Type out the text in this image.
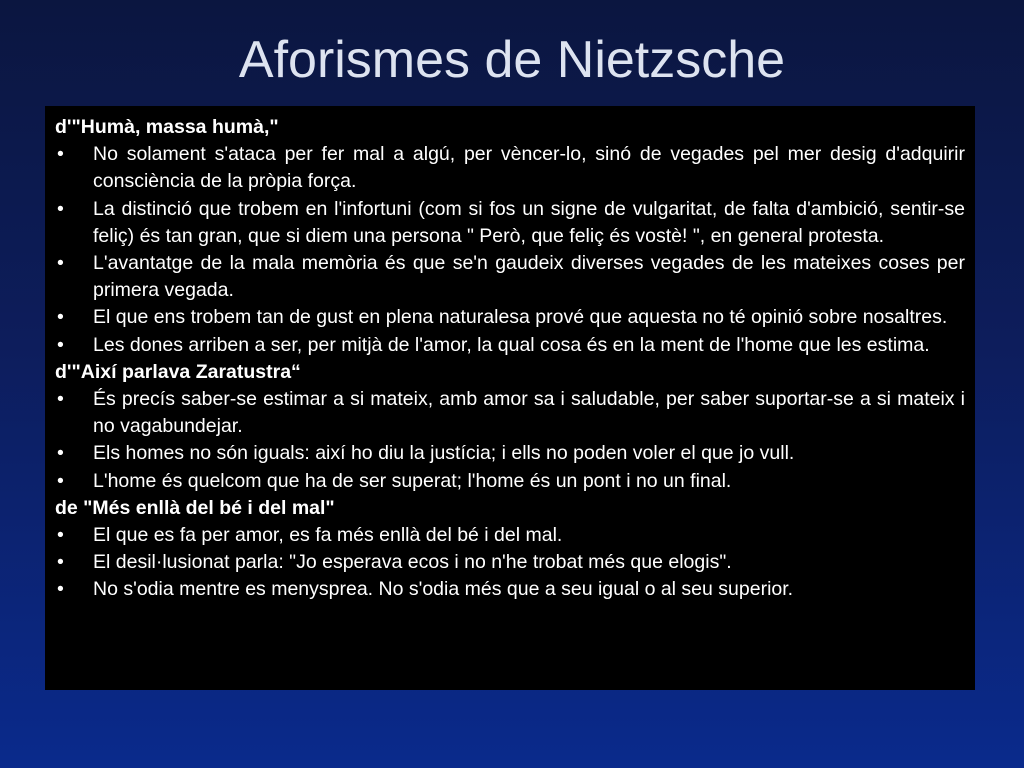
Aforismes de Nietzsche
d'"Humà, massa humà,"
• No solament s'ataca per fer mal a algú, per vèncer-lo, sinó de vegades pel mer desig d'adquirir consciència de la pròpia força.
• La distinció que trobem en l'infortuni (com si fos un signe de vulgaritat, de falta d'ambició, sentir-se feliç) és tan gran, que si diem una persona " Però, que feliç és vostè! ", en general protesta.
• L'avantatge de la mala memòria és que se'n gaudeix diverses vegades de les mateixes coses per primera vegada.
• El que ens trobem tan de gust en plena naturalesa prové que aquesta no té opinió sobre nosaltres.
• Les dones arriben a ser, per mitjà de l'amor, la qual cosa és en la ment de l'home que les estima.
d'"Així parlava Zaratustra“
• És precís saber-se estimar a si mateix, amb amor sa i saludable, per saber suportar-se a si mateix i no vagabundejar.
• Els homes no són iguals: així ho diu la justícia; i ells no poden voler el que jo vull.
• L'home és quelcom que ha de ser superat; l'home és un pont i no un final.
de "Més enllà del bé i del mal"
• El que es fa per amor, es fa més enllà del bé i del mal.
• El desil·lusionat parla: "Jo esperava ecos i no n'he trobat més que elogis".
• No s'odia mentre es menysprea. No s'odia més que a seu igual o al seu superior.
